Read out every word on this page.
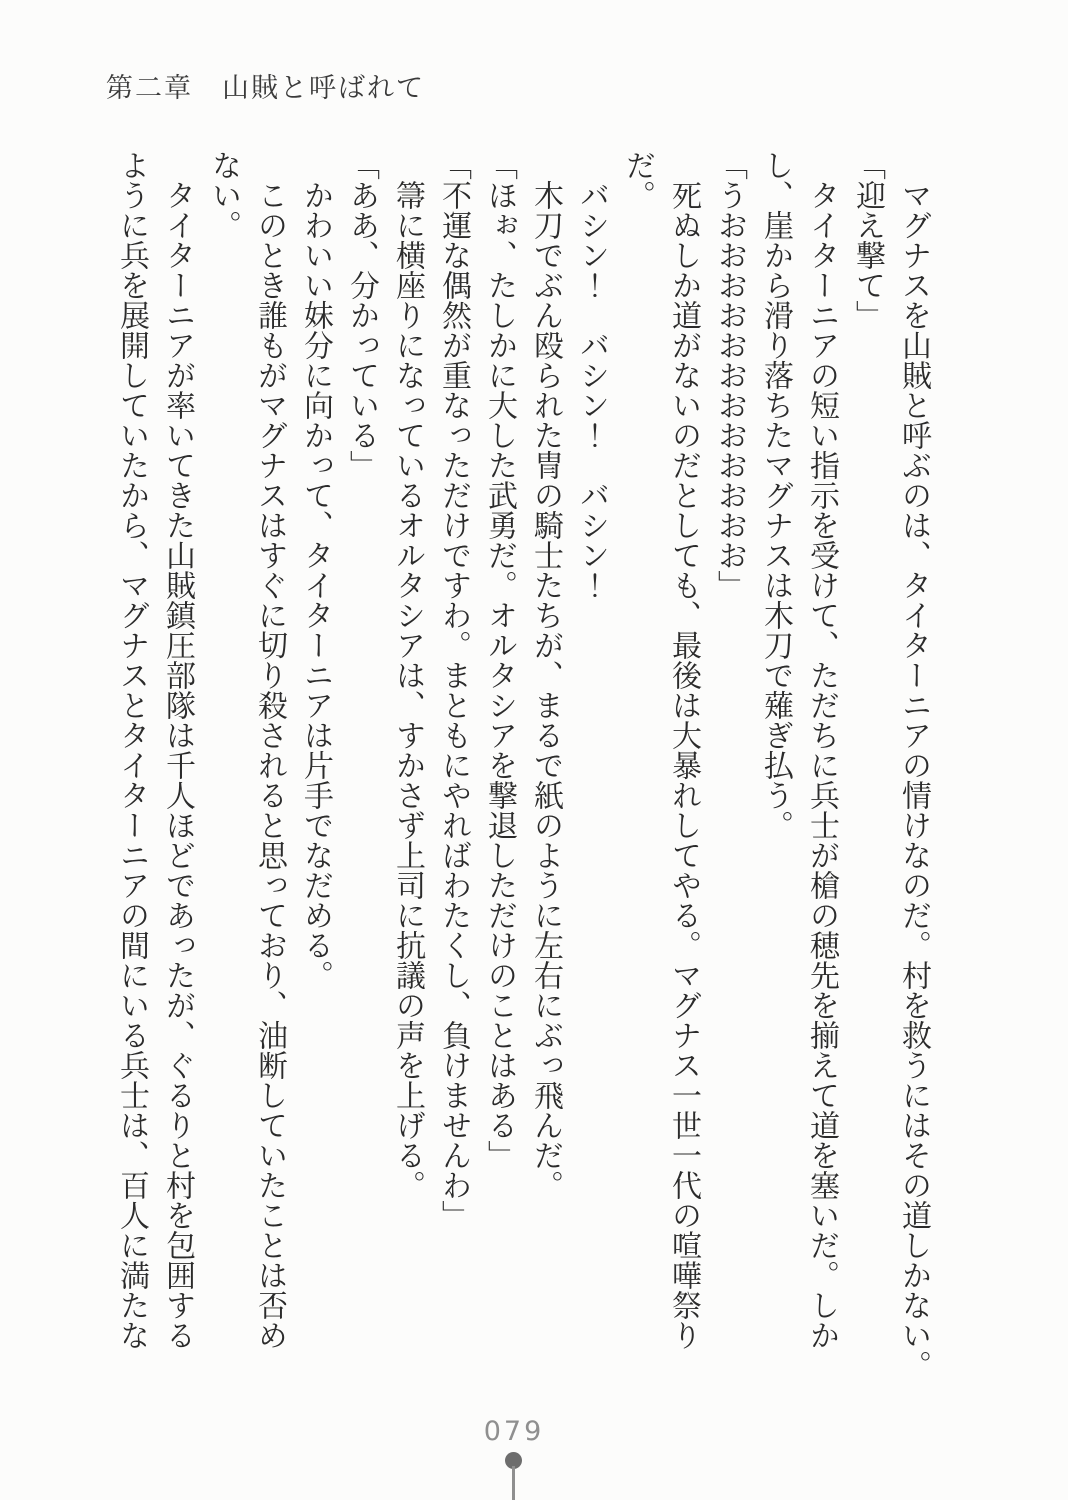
第二章　山賊と呼ばれて
　マグナスを山賊と呼ぶのは、タイターニアの情けなのだ。村を救うにはその道しかない。
「迎え撃て」
　タイターニアの短い指示を受けて、ただちに兵士が槍の穂先を揃えて道を塞いだ。しか
し、崖から滑り落ちたマグナスは木刀で薙ぎ払う。
「うおおおおおおおおおおおお」
　死ぬしか道がないのだとしても、最後は大暴れしてやる。マグナス一世一代の喧嘩祭り
だ。
　バシン！　バシン！　バシン！
　木刀でぶん殴られた冑の騎士たちが、まるで紙のように左右にぶっ飛んだ。
「ほぉ、たしかに大した武勇だ。オルタシアを撃退しただけのことはある」
「不運な偶然が重なっただけですわ。まともにやればわたくし、負けませんわ」
　箒に横座りになっているオルタシアは、すかさず上司に抗議の声を上げる。
「ああ、分かっている」
　かわいい妹分に向かって、タイターニアは片手でなだめる。
　このとき誰もがマグナスはすぐに切り殺されると思っており、油断していたことは否め
ない。
　タイターニアが率いてきた山賊鎮圧部隊は千人ほどであったが、ぐるりと村を包囲する
ように兵を展開していたから、マグナスとタイターニアの間にいる兵士は、百人に満たな
079
